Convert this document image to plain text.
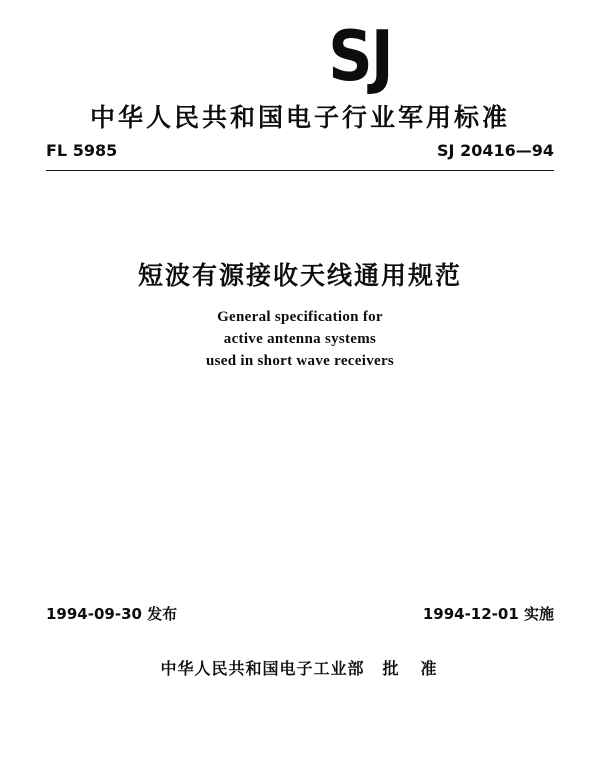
SJ
中华人民共和国电子行业军用标准
FL 5985	SJ 20416—94
短波有源接收天线通用规范
General specification for
active antenna systems
used in short wave receivers
1994-09-30 发布	1994-12-01 实施
中华人民共和国电子工业部 批　准
